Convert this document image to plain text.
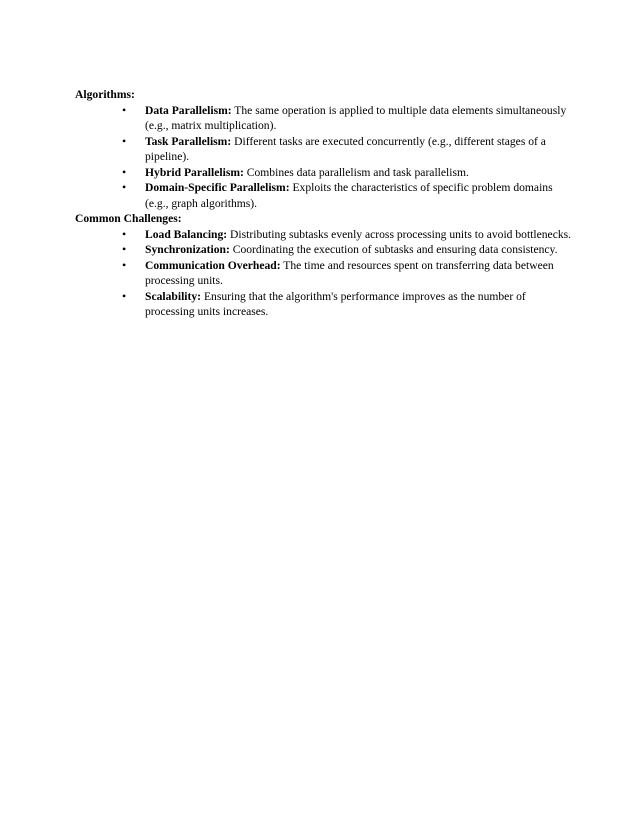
Algorithms:

• Data Parallelism: The same operation is applied to multiple data elements simultaneously (e.g., matrix multiplication).
• Task Parallelism: Different tasks are executed concurrently (e.g., different stages of a pipeline).
• Hybrid Parallelism: Combines data parallelism and task parallelism.
• Domain-Specific Parallelism: Exploits the characteristics of specific problem domains (e.g., graph algorithms).

Common Challenges:

• Load Balancing: Distributing subtasks evenly across processing units to avoid bottlenecks.
• Synchronization: Coordinating the execution of subtasks and ensuring data consistency.
• Communication Overhead: The time and resources spent on transferring data between processing units.
• Scalability: Ensuring that the algorithm's performance improves as the number of processing units increases.
